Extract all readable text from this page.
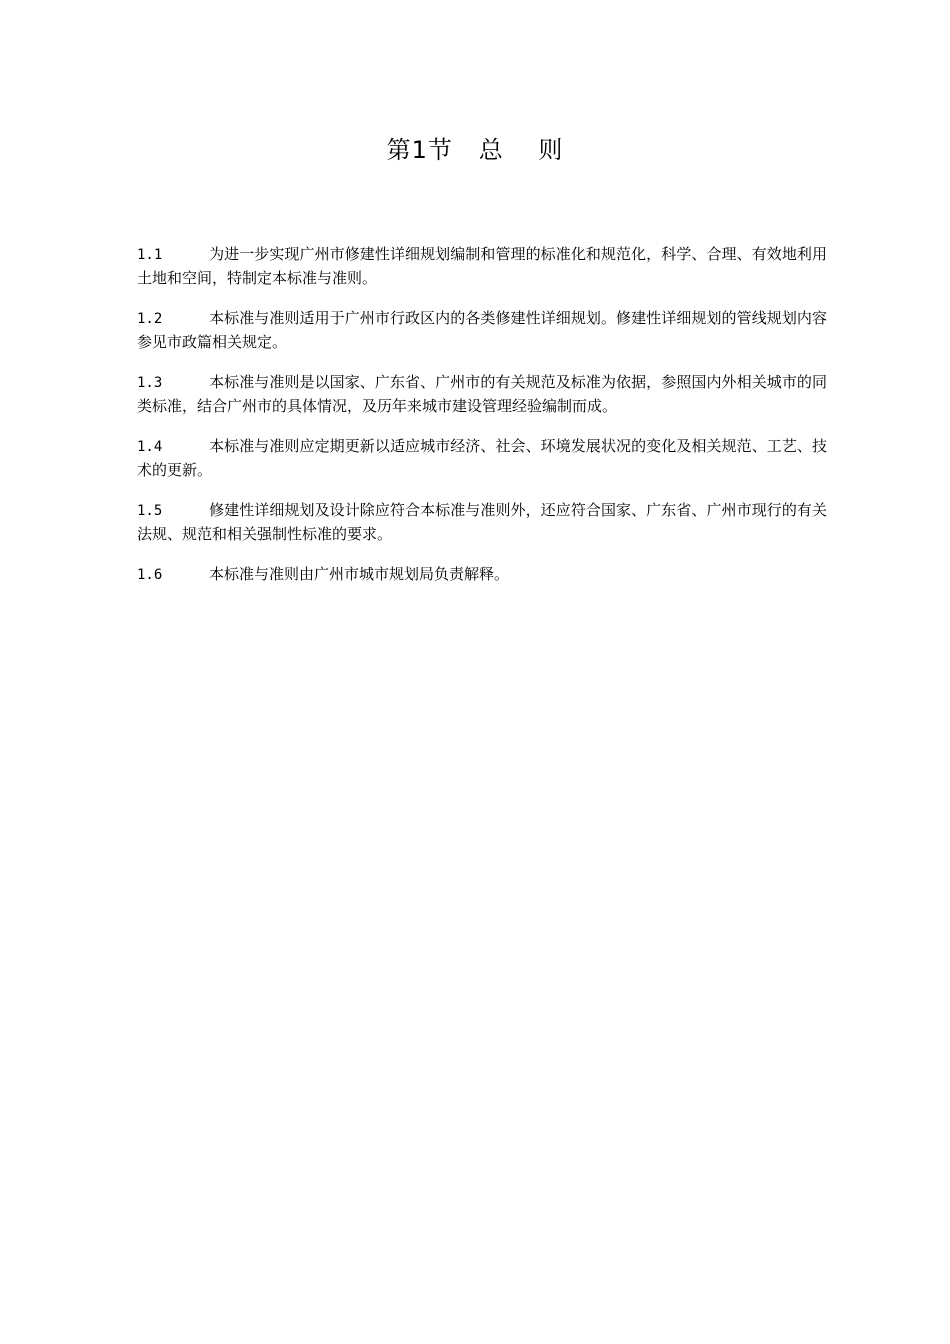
第1节   总    则

1.1	为进一步实现广州市修建性详细规划编制和管理的标准化和规范化，科学、合理、有效地利用土地和空间，特制定本标准与准则。

1.2	本标准与准则适用于广州市行政区内的各类修建性详细规划。修建性详细规划的管线规划内容参见市政篇相关规定。

1.3	本标准与准则是以国家、广东省、广州市的有关规范及标准为依据，参照国内外相关城市的同类标准，结合广州市的具体情况，及历年来城市建设管理经验编制而成。

1.4	本标准与准则应定期更新以适应城市经济、社会、环境发展状况的变化及相关规范、工艺、技术的更新。

1.5	修建性详细规划及设计除应符合本标准与准则外，还应符合国家、广东省、广州市现行的有关法规、规范和相关强制性标准的要求。

1.6	本标准与准则由广州市城市规划局负责解释。
